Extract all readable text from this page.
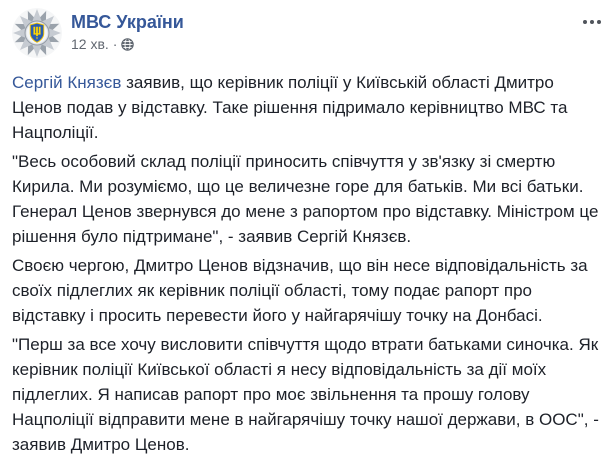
МВС України
12 хв. ·

Сергій Князєв заявив, що керівник поліції у Київській області Дмитро Ценов подав у відставку. Таке рішення підримало керівництво МВС та Нацполіції.

"Весь особовий склад поліції приносить співчуття у зв'язку зі смертю Кирила. Ми розуміємо, що це величезне горе для батьків. Ми всі батьки. Генерал Ценов звернувся до мене з рапортом про відставку. Міністром це рішення було підтримане", - заявив Сергій Князєв.

Своєю чергою, Дмитро Ценов відзначив, що він несе відповідальність за своїх підлеглих як керівник поліції області, тому подає рапорт про відставку і просить перевести його у найгарячішу точку на Донбасі.

"Перш за все хочу висловити співчуття щодо втрати батьками синочка. Як керівник поліції Київської області я несу відповідальність за дії моїх підлеглих. Я написав рапорт про моє звільнення та прошу голову Нацполіції відправити мене в найгарячішу точку нашої держави, в ООС", - заявив Дмитро Ценов.
